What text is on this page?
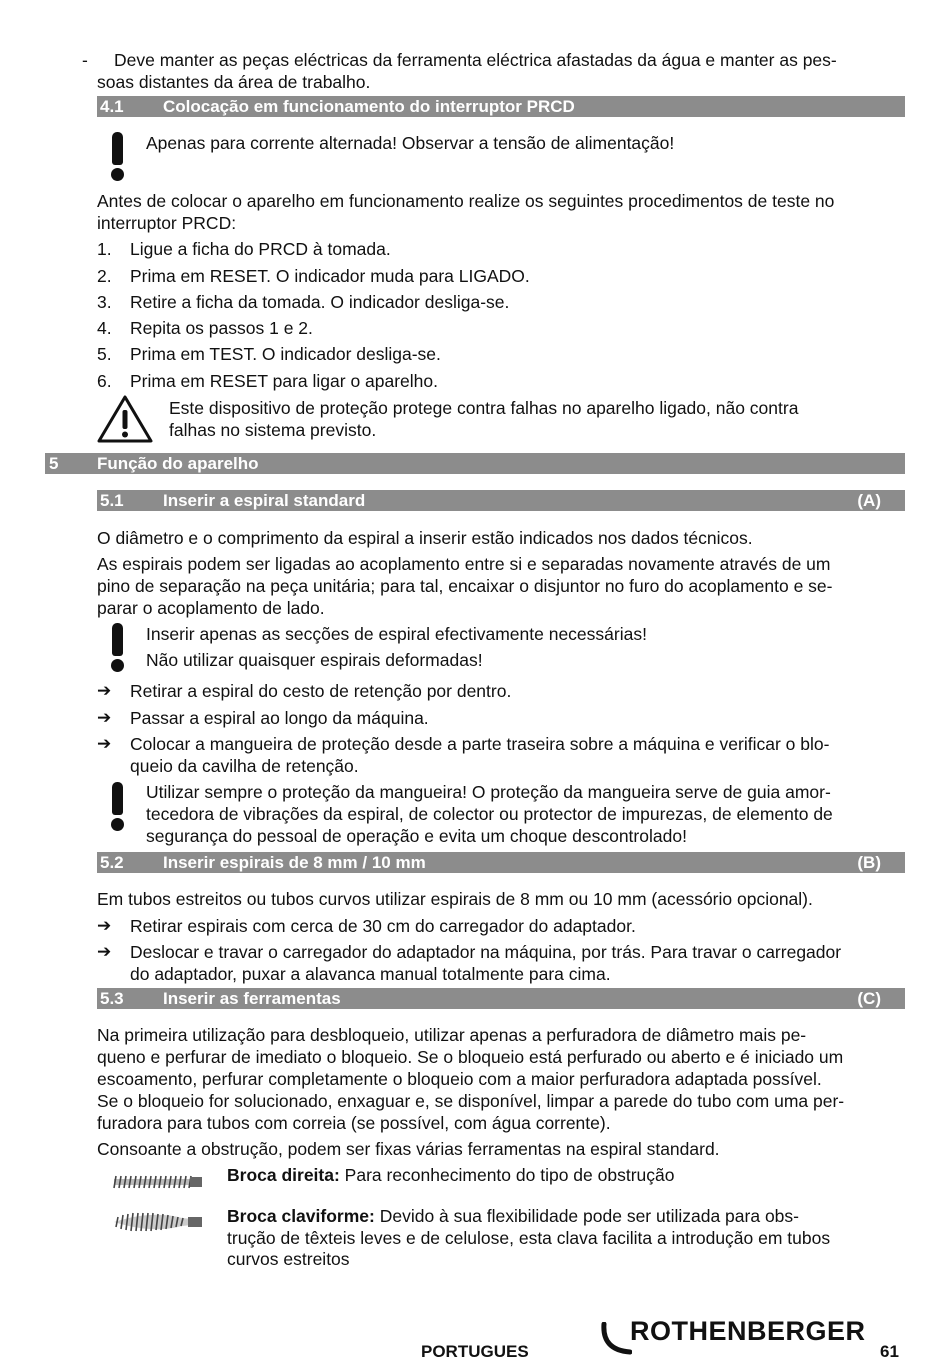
- Deve manter as peças eléctricas da ferramenta eléctrica afastadas da água e manter as pes-
soas distantes da área de trabalho.
4.1 Colocação em funcionamento do interruptor PRCD
Apenas para corrente alternada! Observar a tensão de alimentação!
Antes de colocar o aparelho em funcionamento realize os seguintes procedimentos de teste no
interruptor PRCD:
1. Ligue a ficha do PRCD à tomada.
2. Prima em RESET. O indicador muda para LIGADO.
3. Retire a ficha da tomada. O indicador desliga-se.
4. Repita os passos 1 e 2.
5. Prima em TEST. O indicador desliga-se.
6. Prima em RESET para ligar o aparelho.
Este dispositivo de proteção protege contra falhas no aparelho ligado, não contra
falhas no sistema previsto.
5 Função do aparelho
5.1 Inserir a espiral standard	(A)
O diâmetro e o comprimento da espiral a inserir estão indicados nos dados técnicos.
As espirais podem ser ligadas ao acoplamento entre si e separadas novamente através de um
pino de separação na peça unitária; para tal, encaixar o disjuntor no furo do acoplamento e se-
parar o acoplamento de lado.
Inserir apenas as secções de espiral efectivamente necessárias!
Não utilizar quaisquer espirais deformadas!
➔ Retirar a espiral do cesto de retenção por dentro.
➔ Passar a espiral ao longo da máquina.
➔ Colocar a mangueira de proteção desde a parte traseira sobre a máquina e verificar o blo-
queio da cavilha de retenção.
Utilizar sempre o proteção da mangueira! O proteção da mangueira serve de guia amor-
tecedora de vibrações da espiral, de colector ou protector de impurezas, de elemento de
segurança do pessoal de operação e evita um choque descontrolado!
5.2 Inserir espirais de 8 mm / 10 mm	(B)
Em tubos estreitos ou tubos curvos utilizar espirais de 8 mm ou 10 mm (acessório opcional).
➔ Retirar espirais com cerca de 30 cm do carregador do adaptador.
➔ Deslocar e travar o carregador do adaptador na máquina, por trás. Para travar o carregador
do adaptador, puxar a alavanca manual totalmente para cima.
5.3 Inserir as ferramentas	(C)
Na primeira utilização para desbloqueio, utilizar apenas a perfuradora de diâmetro mais pe-
queno e perfurar de imediato o bloqueio. Se o bloqueio está perfurado ou aberto e é iniciado um
escoamento, perfurar completamente o bloqueio com a maior perfuradora adaptada possível.
Se o bloqueio for solucionado, enxaguar e, se disponível, limpar a parede do tubo com uma per-
furadora para tubos com correia (se possível, com água corrente).
Consoante a obstrução, podem ser fixas várias ferramentas na espiral standard.
Broca direita: Para reconhecimento do tipo de obstrução
Broca claviforme: Devido à sua flexibilidade pode ser utilizada para obs-
trução de têxteis leves e de celulose, esta clava facilita a introdução em tubos
curvos estreitos
PORTUGUES
ROTHENBERGER
61
